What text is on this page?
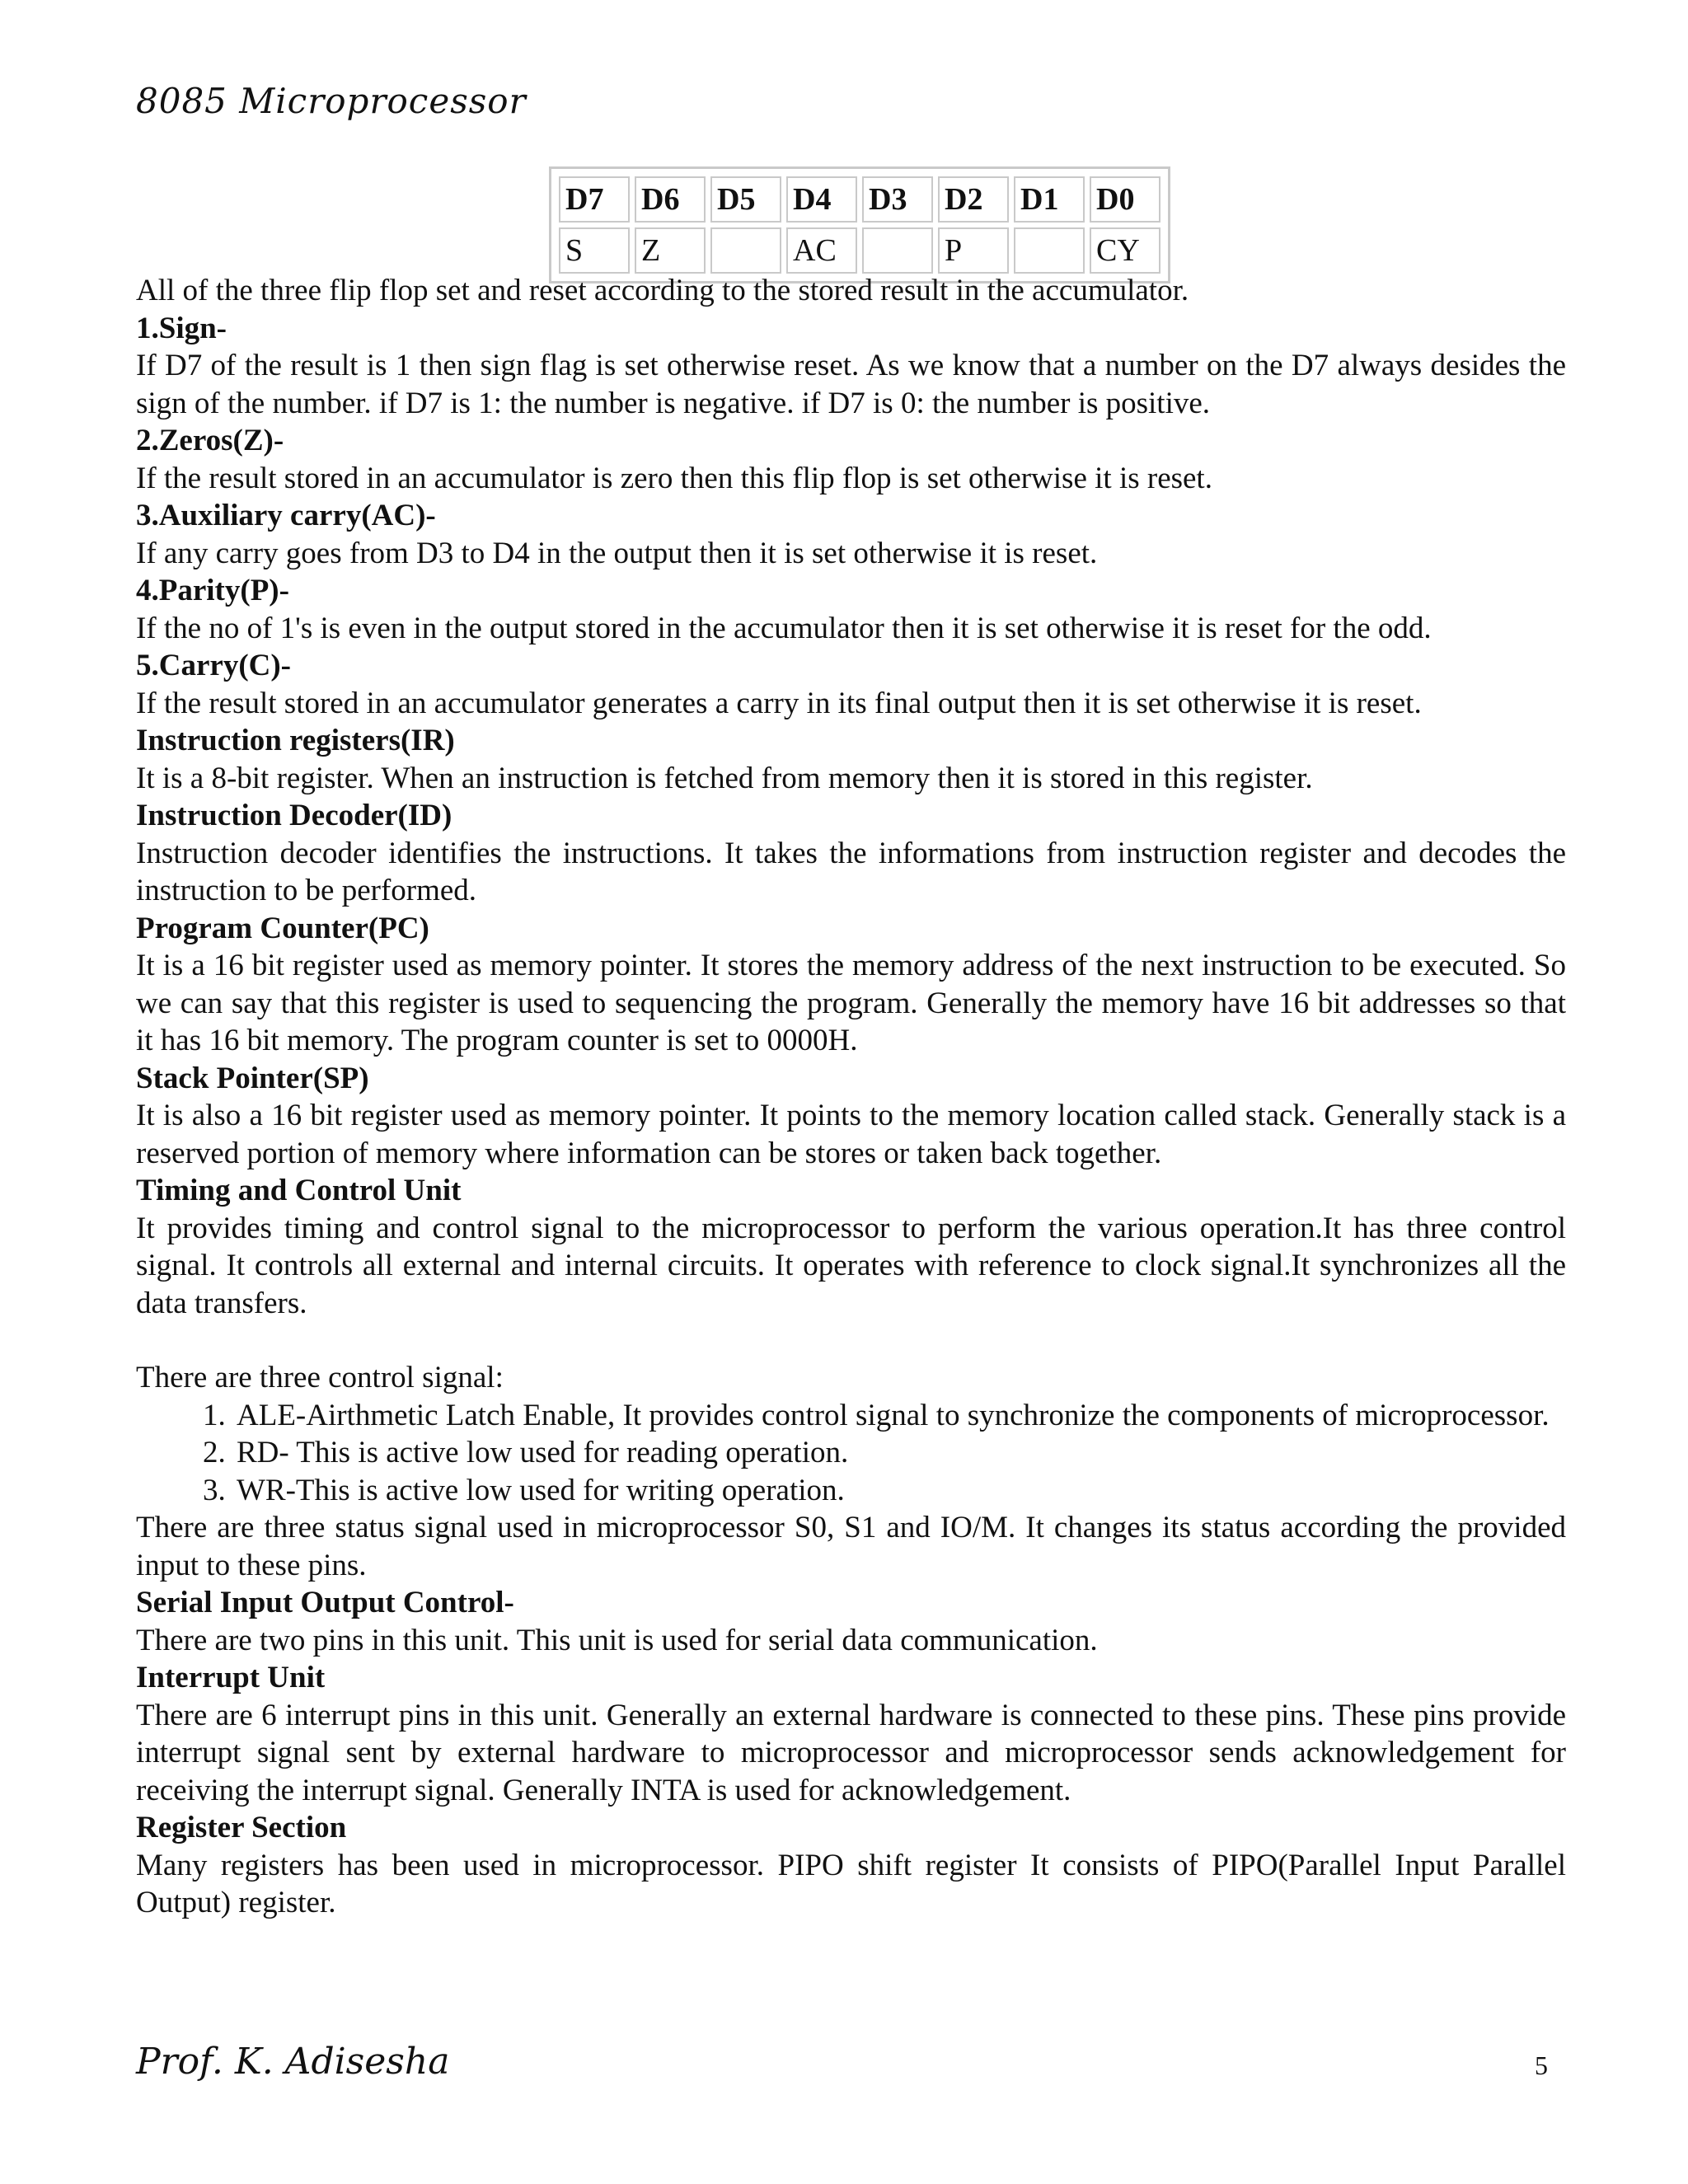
8085 Microprocessor
D7	D6	D5	D4	D3	D2	D1	D0
S	Z		AC		P		CY

All of the three flip flop set and reset according to the stored result in the accumulator.

1.Sign-

If D7 of the result is 1 then sign flag is set otherwise reset. As we know that a number on the D7 always desides the sign of the number. if D7 is 1: the number is negative. if D7 is 0: the number is positive.

2.Zeros(Z)-

If the result stored in an accumulator is zero then this flip flop is set otherwise it is reset.

3.Auxiliary carry(AC)-

If any carry goes from D3 to D4 in the output then it is set otherwise it is reset.

4.Parity(P)-

If the no of 1's is even in the output stored in the accumulator then it is set otherwise it is reset for the odd.

5.Carry(C)-

If the result stored in an accumulator generates a carry in its final output then it is set otherwise it is reset.

Instruction registers(IR)

It is a 8-bit register. When an instruction is fetched from memory then it is stored in this register.

Instruction Decoder(ID)

Instruction decoder identifies the instructions. It takes the informations from instruction register and decodes the instruction to be performed.

Program Counter(PC)

It is a 16 bit register used as memory pointer. It stores the memory address of the next instruction to be executed. So we can say that this register is used to sequencing the program. Generally the memory have 16 bit addresses so that it has 16 bit memory. The program counter is set to 0000H.

Stack Pointer(SP)

It is also a 16 bit register used as memory pointer. It points to the memory location called stack. Generally stack is a reserved portion of memory where information can be stores or taken back together.

Timing and Control Unit

It provides timing and control signal to the microprocessor to perform the various operation.It has three control signal. It controls all external and internal circuits. It operates with reference to clock signal.It synchronizes all the data transfers.

There are three control signal:

1. ALE-Airthmetic Latch Enable, It provides control signal to synchronize the components of microprocessor.
2. RD- This is active low used for reading operation.
3. WR-This is active low used for writing operation.

There are three status signal used in microprocessor S0, S1 and IO/M. It changes its status according the provided input to these pins.

Serial Input Output Control-

There are two pins in this unit. This unit is used for serial data communication.

Interrupt Unit

There are 6 interrupt pins in this unit. Generally an external hardware is connected to these pins. These pins provide interrupt signal sent by external hardware to microprocessor and microprocessor sends acknowledgement for receiving the interrupt signal. Generally INTA is used for acknowledgement.

Register Section

Many registers has been used in microprocessor. PIPO shift register It consists of PIPO(Parallel Input Parallel Output) register.

Prof. K. Adisesha	5
